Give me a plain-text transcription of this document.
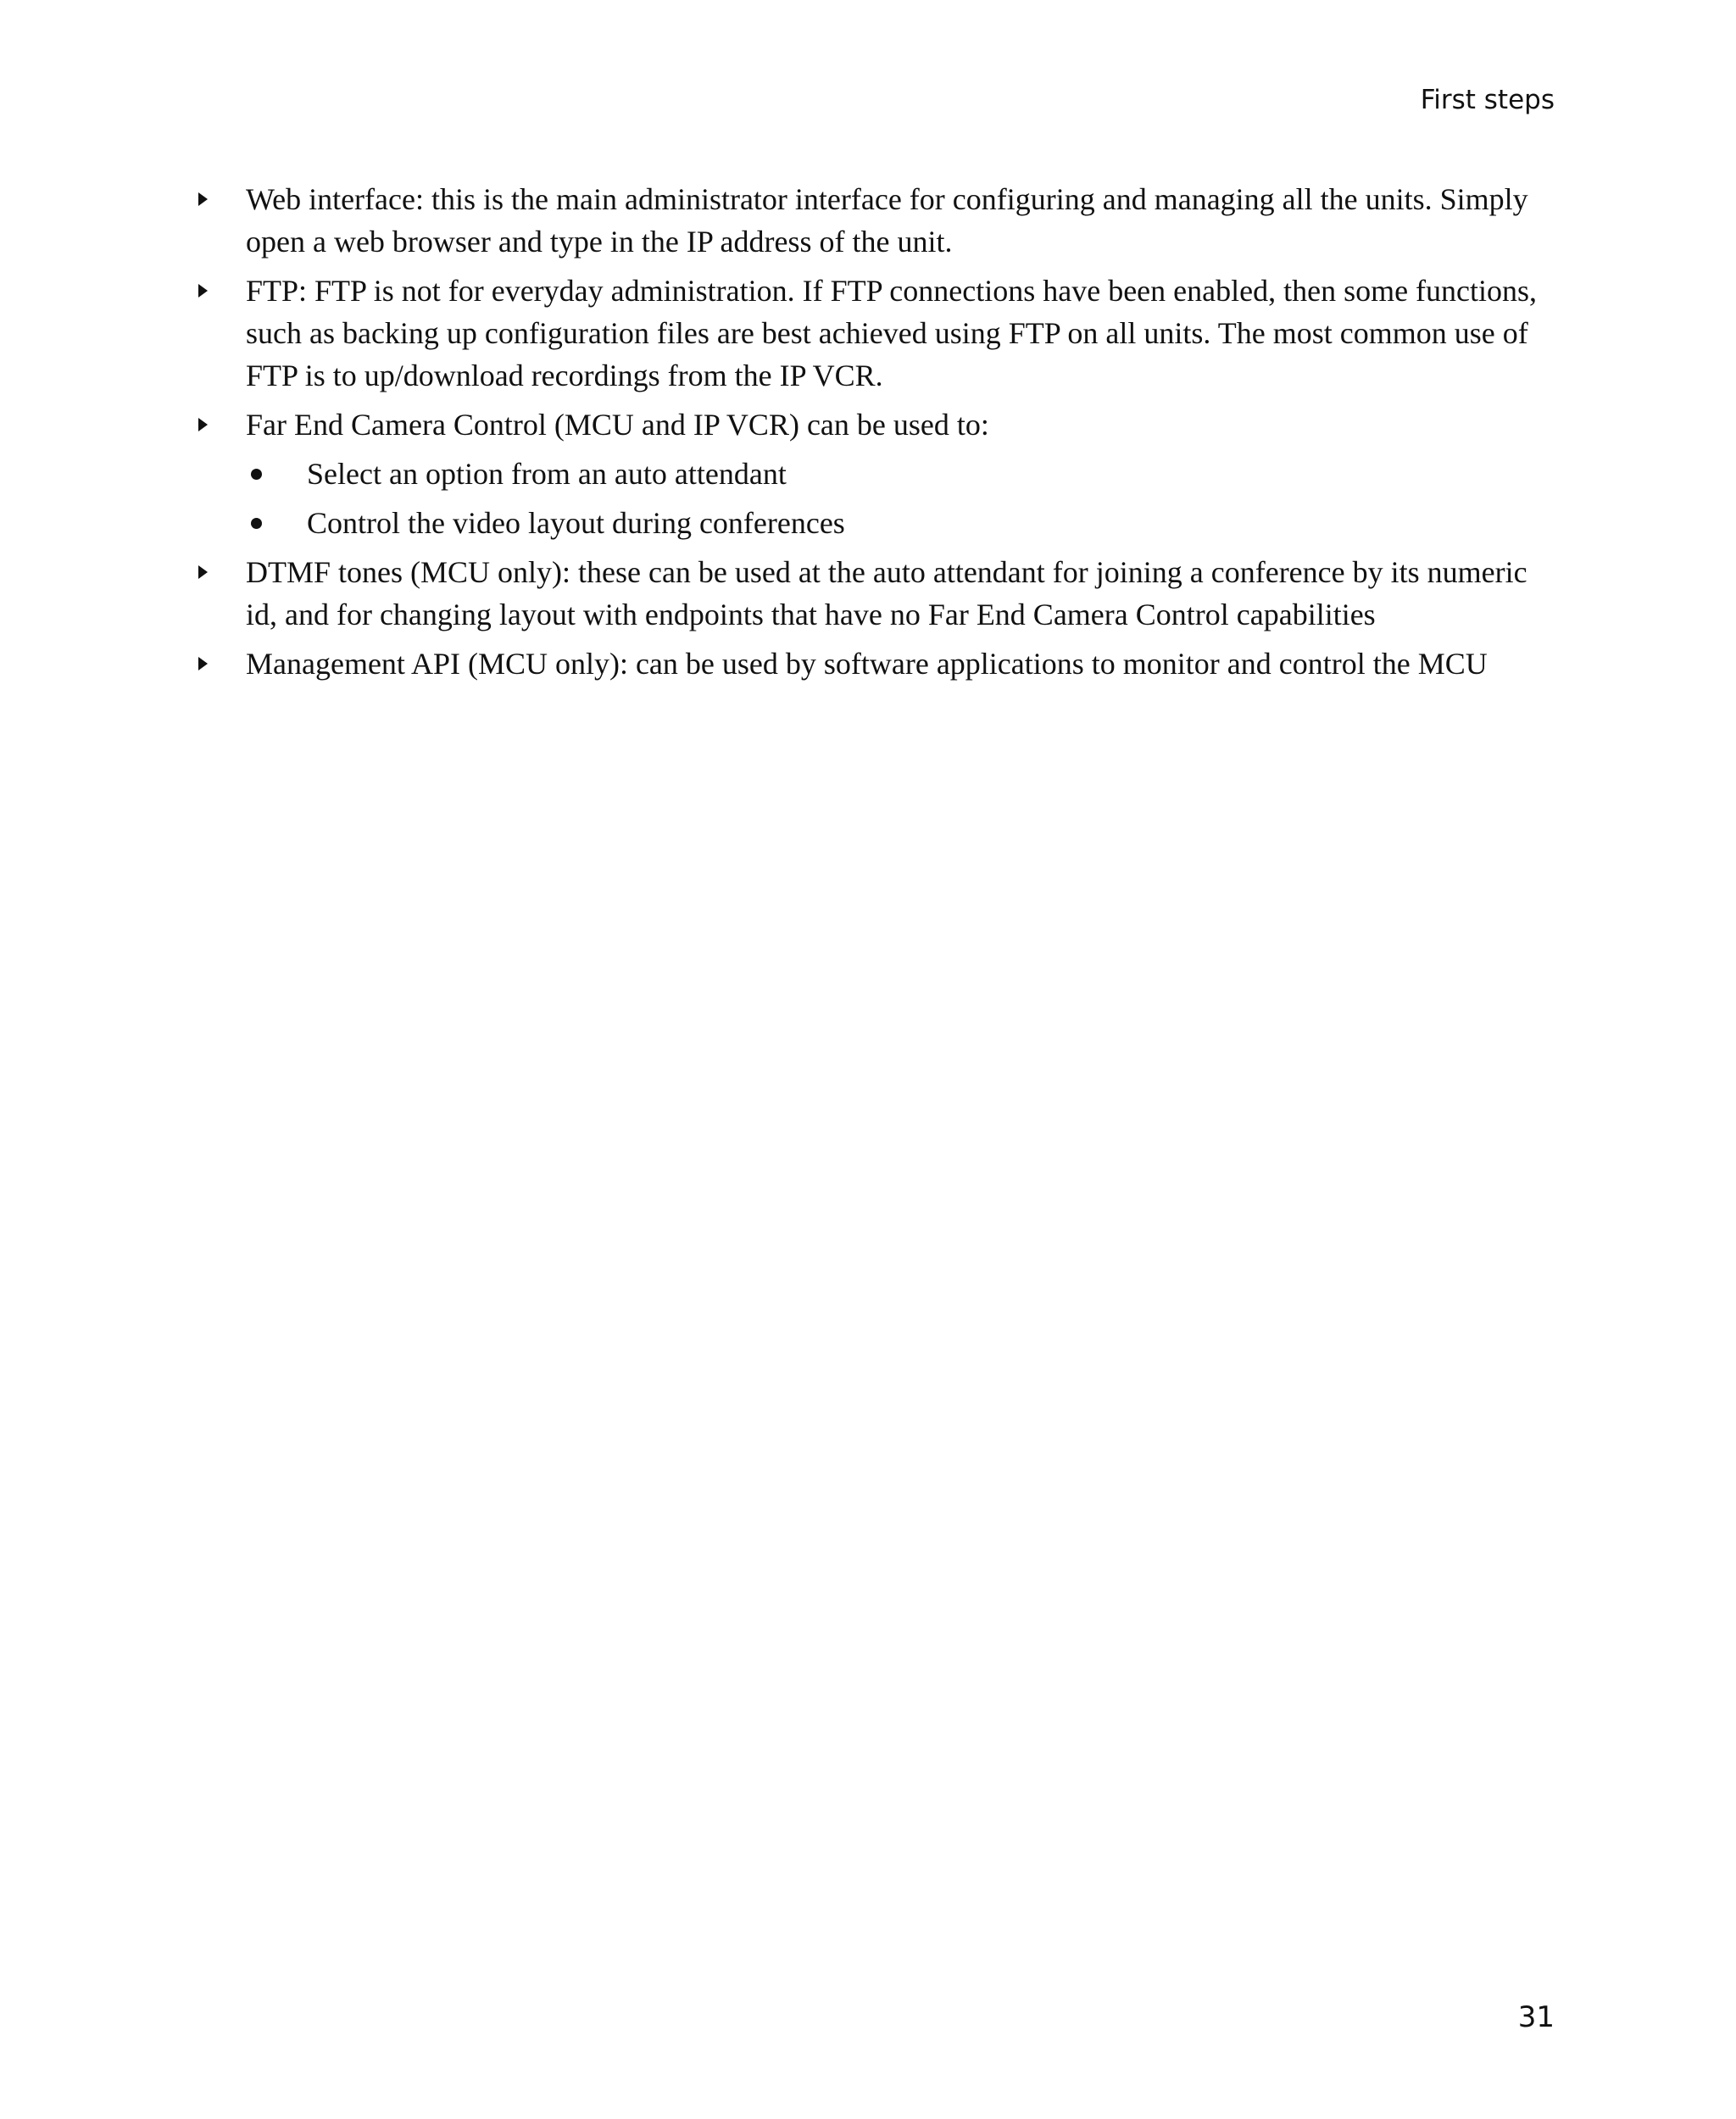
First steps
Web interface: this is the main administrator interface for configuring and managing all the units. Simply open a web browser and type in the IP address of the unit.
FTP: FTP is not for everyday administration. If FTP connections have been enabled, then some functions, such as backing up configuration files are best achieved using FTP on all units. The most common use of FTP is to up/download recordings from the IP VCR.
Far End Camera Control (MCU and IP VCR) can be used to:
Select an option from an auto attendant
Control the video layout during conferences
DTMF tones (MCU only): these can be used at the auto attendant for joining a conference by its numeric id, and for changing layout with endpoints that have no Far End Camera Control capabilities
Management API (MCU only): can be used by software applications to monitor and control the MCU
31
